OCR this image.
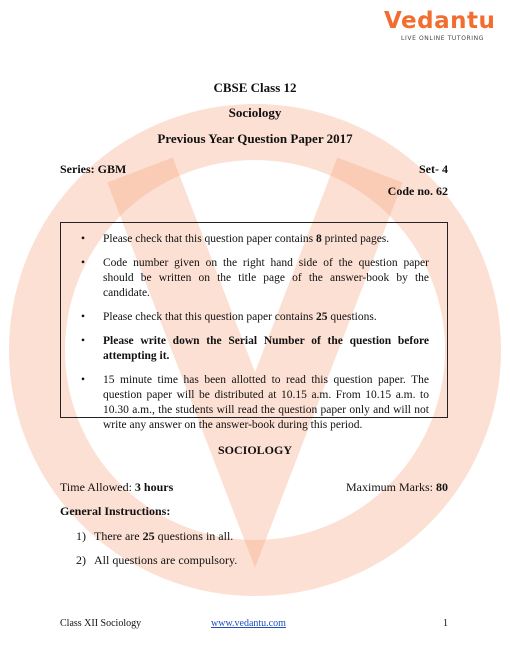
Vedantu
LIVE ONLINE TUTORING
CBSE Class 12
Sociology
Previous Year Question Paper 2017
Series: GBM	Set- 4
Code no. 62
• Please check that this question paper contains 8 printed pages.
• Code number given on the right hand side of the question paper should be written on the title page of the answer-book by the candidate.
• Please check that this question paper contains 25 questions.
• Please write down the Serial Number of the question before attempting it.
• 15 minute time has been allotted to read this question paper. The question paper will be distributed at 10.15 a.m. From 10.15 a.m. to 10.30 a.m., the students will read the question paper only and will not write any answer on the answer-book during this period.
SOCIOLOGY
Time Allowed: 3 hours	Maximum Marks: 80
General Instructions:
1) There are 25 questions in all.
2) All questions are compulsory.
Class XII Sociology	www.vedantu.com	1
